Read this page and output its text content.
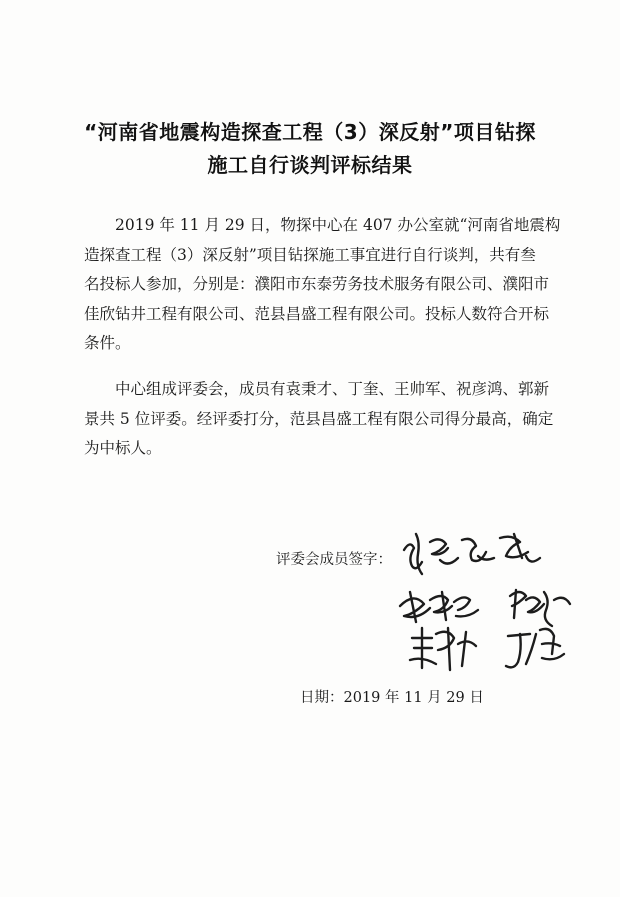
“河南省地震构造探查工程（3）深反射”项目钻探
施工自行谈判评标结果
2019 年 11 月 29 日，物探中心在 407 办公室就“河南省地震构
造探查工程（3）深反射”项目钻探施工事宜进行自行谈判，共有叁
名投标人参加，分别是：濮阳市东泰劳务技术服务有限公司、濮阳市
佳欣钻井工程有限公司、范县昌盛工程有限公司。投标人数符合开标
条件。
中心组成评委会，成员有袁秉才、丁奎、王帅军、祝彦鸿、郭新
景共 5 位评委。经评委打分，范县昌盛工程有限公司得分最高，确定
为中标人。
评委会成员签字：
日期：2019 年 11 月 29 日
